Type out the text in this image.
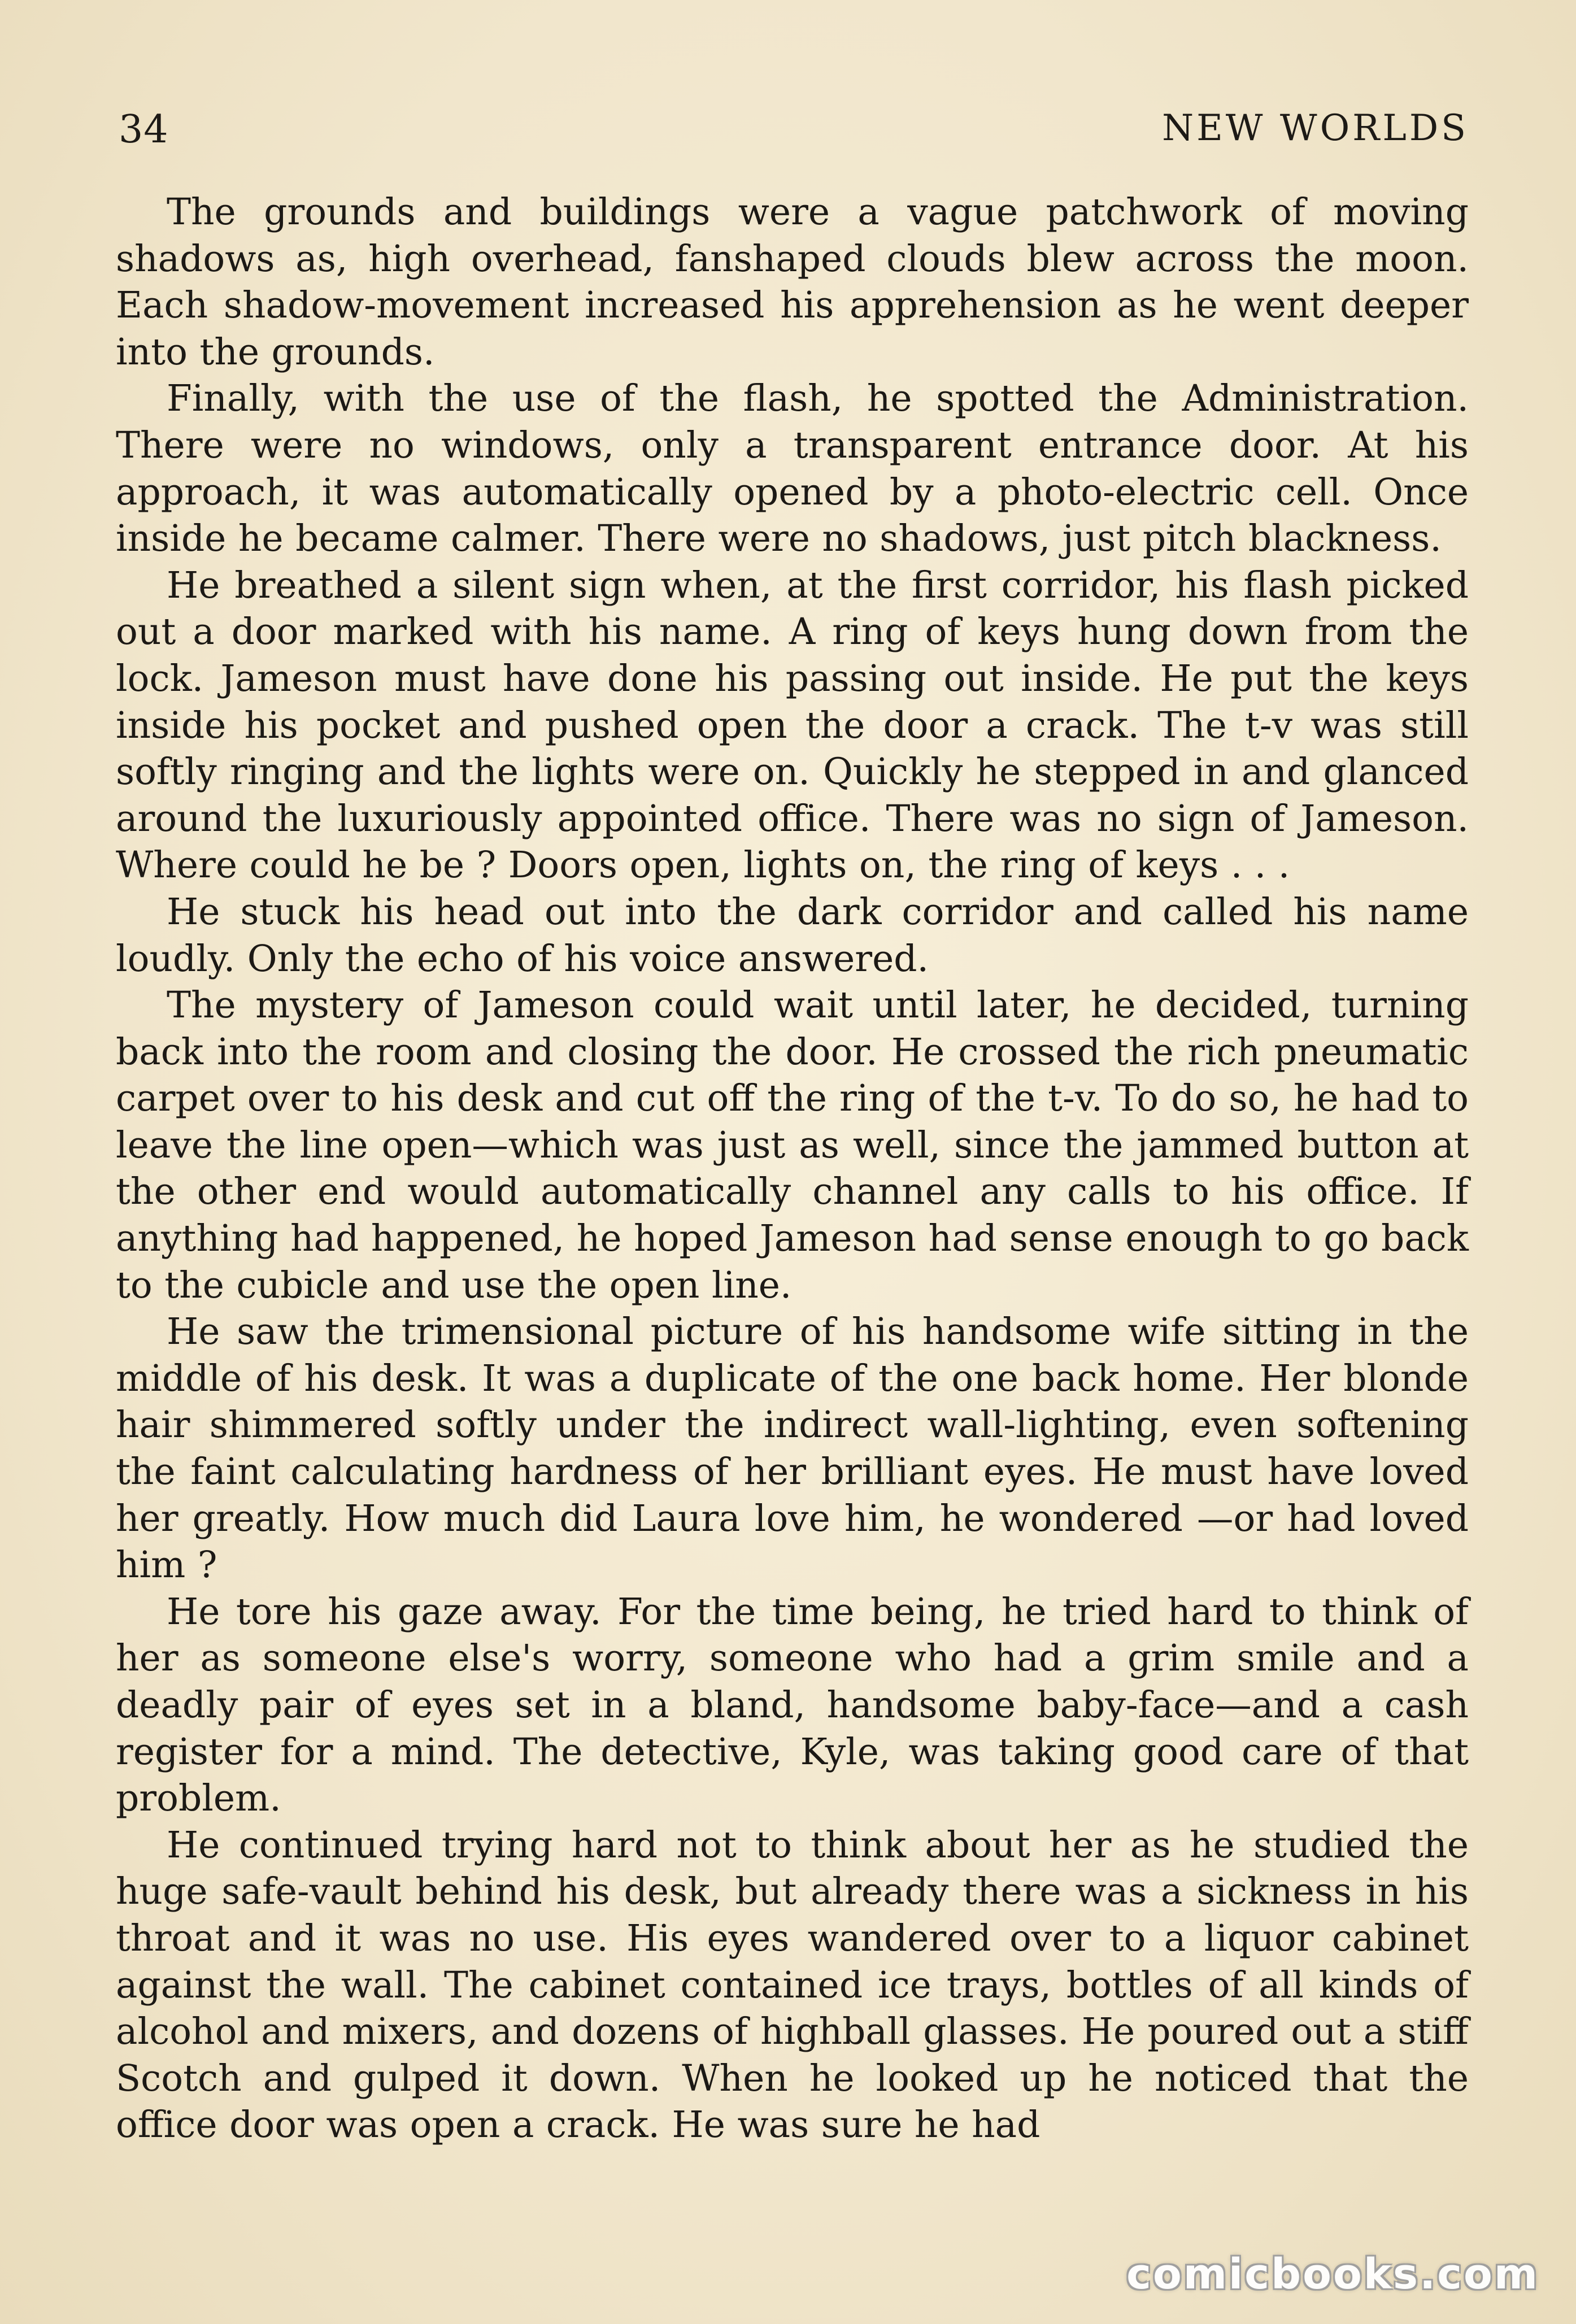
34	NEW WORLDS

The grounds and buildings were a vague patchwork of moving shadows as, high overhead, fanshaped clouds blew across the moon. Each shadow-movement increased his apprehension as he went deeper into the grounds.

Finally, with the use of the flash, he spotted the Administration. There were no windows, only a transparent entrance door. At his approach, it was automatically opened by a photo-electric cell. Once inside he became calmer. There were no shadows, just pitch blackness.

He breathed a silent sign when, at the first corridor, his flash picked out a door marked with his name. A ring of keys hung down from the lock. Jameson must have done his passing out inside. He put the keys inside his pocket and pushed open the door a crack. The t-v was still softly ringing and the lights were on. Quickly he stepped in and glanced around the luxuriously appointed office. There was no sign of Jameson. Where could he be ? Doors open, lights on, the ring of keys . . .

He stuck his head out into the dark corridor and called his name loudly. Only the echo of his voice answered.

The mystery of Jameson could wait until later, he decided, turning back into the room and closing the door. He crossed the rich pneumatic carpet over to his desk and cut off the ring of the t-v. To do so, he had to leave the line open—which was just as well, since the jammed button at the other end would automatically channel any calls to his office. If anything had happened, he hoped Jameson had sense enough to go back to the cubicle and use the open line.

He saw the trimensional picture of his handsome wife sitting in the middle of his desk. It was a duplicate of the one back home. Her blonde hair shimmered softly under the indirect wall-lighting, even softening the faint calculating hardness of her brilliant eyes. He must have loved her greatly. How much did Laura love him, he wondered —or had loved him ?

He tore his gaze away. For the time being, he tried hard to think of her as someone else's worry, someone who had a grim smile and a deadly pair of eyes set in a bland, handsome baby-face—and a cash register for a mind. The detective, Kyle, was taking good care of that problem.

He continued trying hard not to think about her as he studied the huge safe-vault behind his desk, but already there was a sickness in his throat and it was no use. His eyes wandered over to a liquor cabinet against the wall. The cabinet contained ice trays, bottles of all kinds of alcohol and mixers, and dozens of highball glasses. He poured out a stiff Scotch and gulped it down. When he looked up he noticed that the office door was open a crack. He was sure he had

comicbooks.com
